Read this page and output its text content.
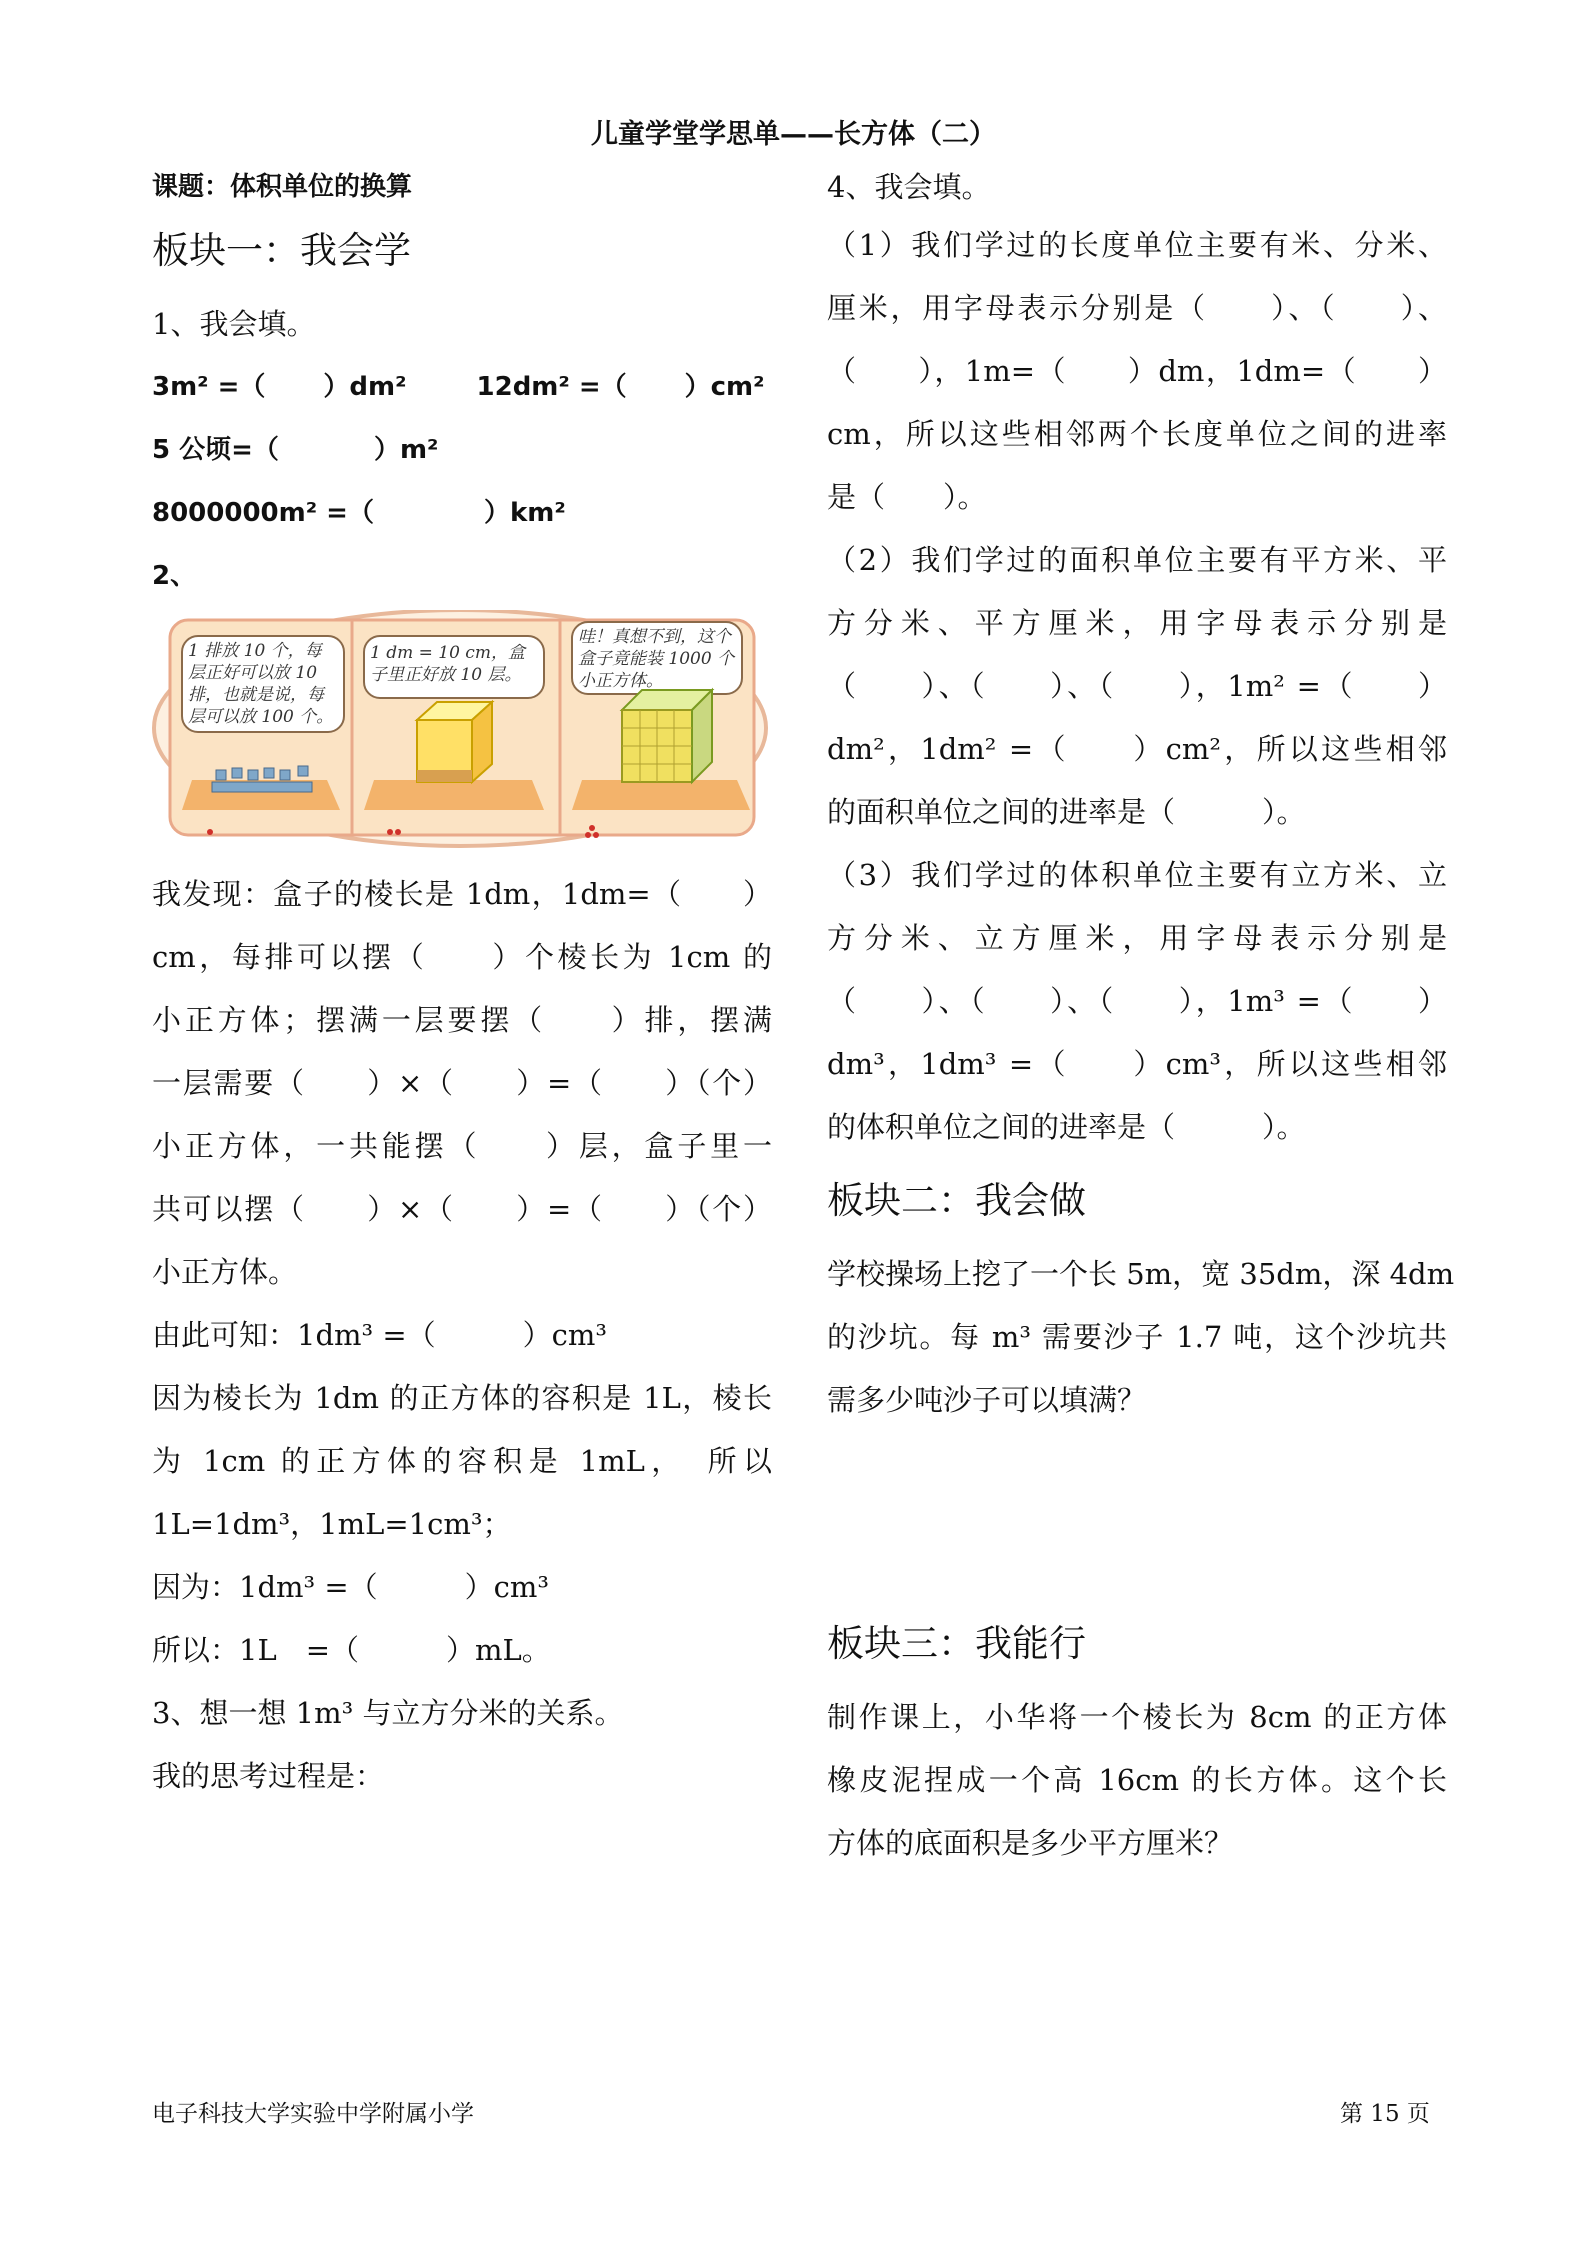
儿童学堂学思单——长方体（二）
课题：体积单位的换算
板块一：我会学
1、我会填。
3m² =（ ）dm²	12dm² =（ ）cm²
5 公顷=（	）m²
8000000m² =（	）km²
2、
1 排放 10 个，每层正好可以放 10 排，也就是说，每层可以放 100 个。
1 dm = 10 cm，盒子里正好放 10 层。
哇！真想不到，这个盒子竟能装 1000 个小正方体。
我发现：盒子的棱长是 1dm，1dm=（　　）
cm，每排可以摆（　　）个棱长为 1cm 的
小正方体；摆满一层要摆（　　）排，摆满
一层需要（　　）×（　　）=（　　）（个）
小正方体，一共能摆（　　）层，盒子里一
共可以摆（　　）×（　　）=（　　）（个）
小正方体。
由此可知：1dm³ =（　　　）cm³
因为棱长为 1dm 的正方体的容积是 1L，棱长
为 1cm 的正方体的容积是 1mL，　所以
1L=1dm³，1mL=1cm³；
因为：1dm³ =（　　　）cm³
所以：1L　=（　　　）mL。
3、想一想 1m³ 与立方分米的关系。
我的思考过程是：
4、我会填。
（1）我们学过的长度单位主要有米、分米、
厘米，用字母表示分别是（　　）、（　　）、
（　　），1m=（　　）dm，1dm=（　　）
cm，所以这些相邻两个长度单位之间的进率
是（　　）。
（2）我们学过的面积单位主要有平方米、平
方分米、平方厘米，用字母表示分别是
（　　）、（　　）、（　　），1m² =（　　）
dm²，1dm² =（　　）cm²，所以这些相邻
的面积单位之间的进率是（　　　）。
（3）我们学过的体积单位主要有立方米、立
方分米、立方厘米，用字母表示分别是
（　　）、（　　）、（　　），1m³ =（　　）
dm³，1dm³ =（　　）cm³，所以这些相邻
的体积单位之间的进率是（　　　）。
板块二：我会做
学校操场上挖了一个长 5m，宽 35dm，深 4dm
的沙坑。每 m³ 需要沙子 1.7 吨，这个沙坑共
需多少吨沙子可以填满？
板块三：我能行
制作课上，小华将一个棱长为 8cm 的正方体
橡皮泥捏成一个高 16cm 的长方体。这个长
方体的底面积是多少平方厘米？
电子科技大学实验中学附属小学	第 15 页
